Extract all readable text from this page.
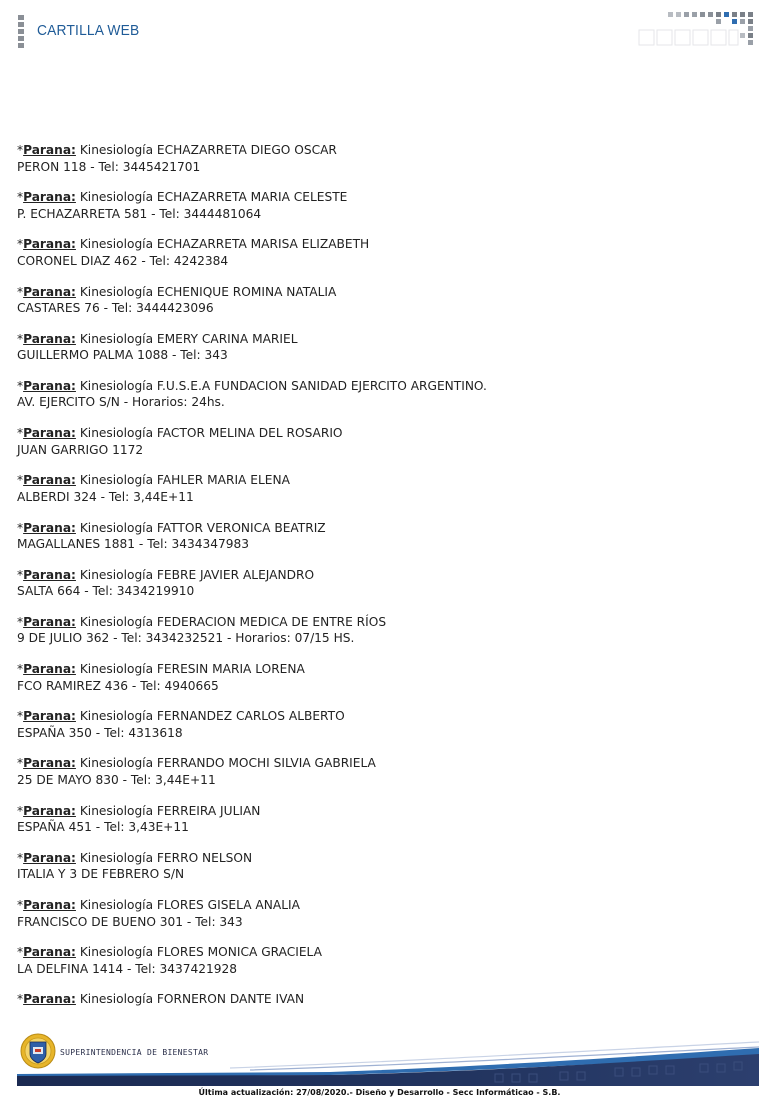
CARTILLA WEB
*Parana: Kinesiología ECHAZARRETA DIEGO OSCAR
PERON 118 - Tel: 3445421701
*Parana: Kinesiología ECHAZARRETA MARIA CELESTE
P. ECHAZARRETA 581 - Tel: 3444481064
*Parana: Kinesiología ECHAZARRETA MARISA ELIZABETH
CORONEL DIAZ 462 - Tel: 4242384
*Parana: Kinesiología ECHENIQUE ROMINA NATALIA
CASTARES 76 - Tel: 3444423096
*Parana: Kinesiología EMERY CARINA MARIEL
GUILLERMO PALMA 1088 - Tel: 343
*Parana: Kinesiología F.U.S.E.A FUNDACION SANIDAD EJERCITO ARGENTINO.
AV. EJERCITO S/N - Horarios: 24hs.
*Parana: Kinesiología FACTOR MELINA DEL ROSARIO
JUAN GARRIGO 1172
*Parana: Kinesiología FAHLER MARIA ELENA
ALBERDI 324 - Tel: 3,44E+11
*Parana: Kinesiología FATTOR VERONICA BEATRIZ
MAGALLANES 1881 - Tel: 3434347983
*Parana: Kinesiología FEBRE JAVIER ALEJANDRO
SALTA 664 - Tel: 3434219910
*Parana: Kinesiología FEDERACION MEDICA DE ENTRE RÍOS
9 DE JULIO 362 - Tel: 3434232521 - Horarios: 07/15 HS.
*Parana: Kinesiología FERESIN MARIA LORENA
FCO RAMIREZ 436 - Tel: 4940665
*Parana: Kinesiología FERNANDEZ CARLOS ALBERTO
ESPAÑA 350 - Tel: 4313618
*Parana: Kinesiología FERRANDO MOCHI SILVIA GABRIELA
25 DE MAYO 830 - Tel: 3,44E+11
*Parana: Kinesiología FERREIRA JULIAN
ESPAÑA 451 - Tel: 3,43E+11
*Parana: Kinesiología FERRO NELSON
ITALIA Y 3 DE FEBRERO S/N
*Parana: Kinesiología FLORES GISELA ANALIA
FRANCISCO DE BUENO 301 - Tel: 343
*Parana: Kinesiología FLORES MONICA GRACIELA
LA DELFINA 1414 - Tel: 3437421928
*Parana: Kinesiología FORNERON DANTE IVAN
SUPERINTENDENCIA DE BIENESTAR
Última actualización: 27/08/2020.- Diseño y Desarrollo - Secc Informáticao - S.B.
